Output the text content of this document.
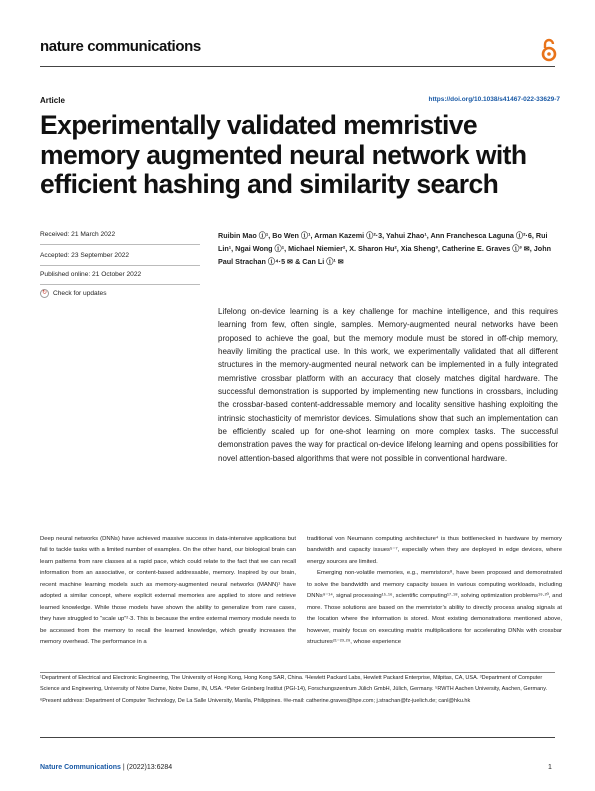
nature communications
Article	https://doi.org/10.1038/s41467-022-33629-7
Experimentally validated memristive memory augmented neural network with efficient hashing and similarity search
Received: 21 March 2022
Accepted: 23 September 2022
Published online: 21 October 2022
↻ Check for updates
Ruibin Mao ⓘ¹, Bo Wen ⓘ¹, Arman Kazemi ⓘ²·3, Yahui Zhao¹, Ann Franchesca Laguna ⓘ²·6, Rui Lin¹, Ngai Wong ⓘ¹, Michael Niemier², X. Sharon Hu², Xia Sheng³, Catherine E. Graves ⓘ³ ✉, John Paul Strachan ⓘ⁴·5 ✉ & Can Li ⓘ¹ ✉
Lifelong on-device learning is a key challenge for machine intelligence, and this requires learning from few, often single, samples. Memory-augmented neural networks have been proposed to achieve the goal, but the memory module must be stored in off-chip memory, heavily limiting the practical use. In this work, we experimentally validated that all different structures in the memory-augmented neural network can be implemented in a fully integrated memristive crossbar platform with an accuracy that closely matches digital hardware. The successful demonstration is supported by implementing new functions in crossbars, including the crossbar-based content-addressable memory and locality sensitive hashing exploiting the intrinsic stochasticity of memristor devices. Simulations show that such an implementation can be efficiently scaled up for one-shot learning on more complex tasks. The successful demonstration paves the way for practical on-device lifelong learning and opens possibilities for novel attention-based algorithms that were not possible in conventional hardware.
Deep neural networks (DNNs) have achieved massive success in data-intensive applications but fail to tackle tasks with a limited number of examples. On the other hand, our biological brain can learn patterns from rare classes at a rapid pace, which could relate to the fact that we can recall information from an associative, or content-based addressable, memory. Inspired by our brain, recent machine learning models such as memory-augmented neural networks (MANN)¹ have adopted a similar concept, where explicit external memories are applied to store and retrieve learned knowledge. While those models have shown the ability to generalize from rare cases, they have struggled to “scale up”²·3. This is because the entire external memory module needs to be accessed from the memory to recall the learned knowledge, which greatly increases the memory overhead. The performance in a
traditional von Neumann computing architecture⁴ is thus bottlenecked in hardware by memory bandwidth and capacity issues⁵⁻⁷, especially when they are deployed in edge devices, where energy sources are limited.
Emerging non-volatile memories, e.g., memristors⁸, have been proposed and demonstrated to solve the bandwidth and memory capacity issues in various computing workloads, including DNNs⁹⁻¹⁴, signal processing¹⁵·¹⁶, scientific computing¹⁷·¹⁸, solving optimization problems¹⁹·²⁰, and more. Those solutions are based on the memristor’s ability to directly process analog signals at the location where the information is stored. Most existing demonstrations mentioned above, however, mainly focus on executing matrix multiplications for accelerating DNNs with crossbar structures²¹⁻²³·²⁹, whose experience
¹Department of Electrical and Electronic Engineering, The University of Hong Kong, Hong Kong SAR, China. ²Hewlett Packard Labs, Hewlett Packard Enterprise, Milpitas, CA, USA. ³Department of Computer Science and Engineering, University of Notre Dame, Notre Dame, IN, USA. ⁴Peter Grünberg Institut (PGI-14), Forschungszentrum Jülich GmbH, Jülich, Germany. ⁵RWTH Aachen University, Aachen, Germany. ⁶Present address: Department of Computer Technology, De La Salle University, Manila, Philippines. ✉e-mail: catherine.graves@hpe.com; j.strachan@fz-juelich.de; canl@hku.hk
Nature Communications | (2022)13:6284	1
